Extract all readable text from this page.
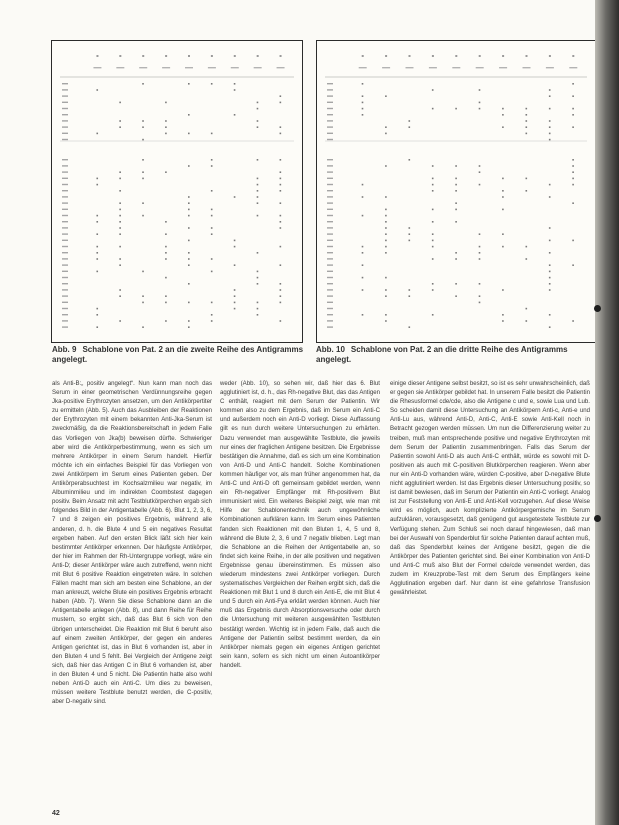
Abb. 9 Schablone von Pat. 2 an die zweite Reihe des Antigramms angelegt.
Abb. 10 Schablone von Pat. 2 an die dritte Reihe des Antigramms angelegt.

als Anti-B:„ positiv angelegt“. Nun kann man noch das Serum in einer geometrischen Verdünnungsreihe gegen Jka-positive Erythrozyten ansetzen, um den Antikörpertiter zu ermitteln (Abb. 5). Auch das Ausbleiben der Reaktionen der Erythrozyten mit einem bekannten Anti-Jka-Serum ist zweckmäßig, da die Reaktionsbereitschaft in jedem Falle das Vorliegen von Jka(b) beweisen dürfte. Schwieriger aber wird die Antikörperbestimmung, wenn es sich um mehrere Antikörper in einem Serum handelt. Hierfür möchte ich ein einfaches Beispiel für das Vorliegen von zwei Antikörpern im Serum eines Patienten geben. Der Antikörperabsuchtest im Kochsalzmilieu war negativ, im Albuminmilieu und im indirekten Coombstest dagegen positiv. Beim Ansatz mit acht Testblutkörperchen ergab sich folgendes Bild in der Antigentabelle (Abb. 6). Blut 1, 2, 3, 6, 7 und 8 zeigen ein positives Ergebnis, während alle anderen, d. h. die Blute 4 und 5 ein negatives Resultat ergeben haben. Auf den ersten Blick läßt sich hier kein bestimmter Antikörper erkennen. Der häufigste Antikörper, der hier im Rahmen der Rh-Untergruppe vorliegt, wäre ein Anti-D; dieser Antikörper wäre auch zutreffend, wenn nicht mit Blut 6 positive Reaktion eingetreten wäre. In solchen Fällen macht man sich am besten eine Schablone, an der man ankreuzt, welche Blute ein positives Ergebnis erbracht haben (Abb. 7). Wenn Sie diese Schablone dann an die Antigentabelle anlegen (Abb. 8), und dann Reihe für Reihe mustern, so ergibt sich, daß das Blut 6 sich von den übrigen unterscheidet. Die Reaktion mit Blut 6 beruht also auf einem zweiten Antikörper, der gegen ein anderes Antigen gerichtet ist, das in Blut 6 vorhanden ist, aber in den Bluten 4 und 5 fehlt. Bei Vergleich der Antigene zeigt sich, daß hier das Antigen C in Blut 6 vorhanden ist, aber in den Bluten 4 und 5 nicht. Die Patientin hatte also wohl neben Anti-D auch ein Anti-C. Um dies zu beweisen, müssen weitere Testblute benutzt werden, die C-positiv, aber D-negativ sind.

weder (Abb. 10), so sehen wir, daß hier das 6. Blut agglutiniert ist, d. h., das Rh-negative Blut, das das Antigen C enthält, reagiert mit dem Serum der Patientin. Wir kommen also zu dem Ergebnis, daß im Serum ein Anti-C und außerdem noch ein Anti-D vorliegt. Diese Auffassung gilt es nun durch weitere Untersuchungen zu erhärten. Dazu verwendet man ausgewählte Testblute, die jeweils nur eines der fraglichen Antigene besitzen. Die Ergebnisse bestätigen die Annahme, daß es sich um eine Kombination von Anti-D und Anti-C handelt. Solche Kombinationen kommen häufiger vor, als man früher angenommen hat, da Anti-C und Anti-D oft gemeinsam gebildet werden, wenn ein Rh-negativer Empfänger mit Rh-positivem Blut immunisiert wird. Ein weiteres Beispiel zeigt, wie man mit Hilfe der Schablonentechnik auch ungewöhnliche Kombinationen aufklären kann. Im Serum eines Patienten fanden sich Reaktionen mit den Bluten 1, 4, 5 und 8, während die Blute 2, 3, 6 und 7 negativ blieben. Legt man die Schablone an die Reihen der Antigentabelle an, so findet sich keine Reihe, in der alle positiven und negativen Ergebnisse genau übereinstimmen. Es müssen also wiederum mindestens zwei Antikörper vorliegen. Durch systematisches Vergleichen der Reihen ergibt sich, daß die Reaktionen mit Blut 1 und 8 durch ein Anti-E, die mit Blut 4 und 5 durch ein Anti-Fya erklärt werden können. Auch hier muß das Ergebnis durch Absorptionsversuche oder durch die Untersuchung mit weiteren ausgewählten Testbluten bestätigt werden. Wichtig ist in jedem Falle, daß auch die Antigene der Patientin selbst bestimmt werden, da ein Antikörper niemals gegen ein eigenes Antigen gerichtet sein kann, sofern es sich nicht um einen Autoantikörper handelt.

einige dieser Antigene selbst besitzt, so ist es sehr unwahrscheinlich, daß er gegen sie Antikörper gebildet hat. In unserem Falle besitzt die Patientin die Rhesusformel cde/cde, also die Antigene c und e, sowie Lua und Lub. So scheiden damit diese Untersuchung an Antikörpern Anti-c, Anti-e und Anti-Lu aus, während Anti-D, Anti-C, Anti-E sowie Anti-Kell noch in Betracht gezogen werden müssen. Um nun die Differenzierung weiter zu treiben, muß man entsprechende positive und negative Erythrozyten mit dem Serum der Patientin zusammenbringen. Falls das Serum der Patientin sowohl Anti-D als auch Anti-C enthält, würde es sowohl mit D-positiven als auch mit C-positiven Blutkörperchen reagieren. Wenn aber nur ein Anti-D vorhanden wäre, würden C-positive, aber D-negative Blute nicht agglutiniert werden. Ist das Ergebnis dieser Untersuchung positiv, so ist damit bewiesen, daß im Serum der Patientin ein Anti-C vorliegt. Analog ist zur Feststellung von Anti-E und Anti-Kell vorzugehen. Auf diese Weise wird es möglich, auch komplizierte Antikörpergemische im Serum aufzuklären, vorausgesetzt, daß genügend gut ausgetestete Testblute zur Verfügung stehen. Zum Schluß sei noch darauf hingewiesen, daß man bei der Auswahl von Spenderblut für solche Patienten darauf achten muß, daß das Spenderblut keines der Antigene besitzt, gegen die die Antikörper des Patienten gerichtet sind. Bei einer Kombination von Anti-D und Anti-C muß also Blut der Formel cde/cde verwendet werden, das zudem im Kreuzprobe-Test mit dem Serum des Empfängers keine Agglutination ergeben darf. Nur dann ist eine gefahrlose Transfusion gewährleistet.

42
